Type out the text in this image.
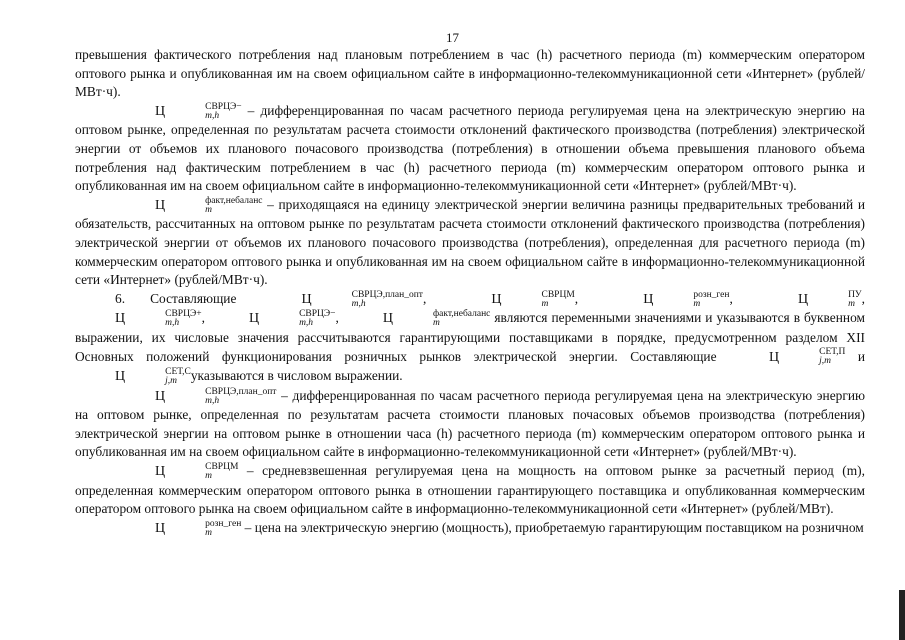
17

превышения фактического потребления над плановым потреблением в час (h) расчетного периода (m) коммерческим оператором оптового рынка и опубликованная им на своем официальном сайте в информационно-телекоммуникационной сети «Интернет» (рублей/МВт·ч).

Ц	СВРЦЭ−
m,h	– дифференцированная по часам расчетного периода регулируемая цена на электрическую энергию на оптовом рынке, определенная по результатам расчета стоимости отклонений фактического производства (потребления) электрической энергии от объемов их планового почасового производства (потребления) в отношении объема превышения планового объема потребления над фактическим потреблением в час (h) расчетного периода (m) коммерческим оператором оптового рынка и опубликованная им на своем официальном сайте в информационно-телекоммуникационной сети «Интернет» (рублей/МВт·ч).

Ц	факт,небаланс
m	– приходящаяся на единицу электрической энергии величина разницы предварительных требований и обязательств, рассчитанных на оптовом рынке по результатам расчета стоимости отклонений фактического производства (потребления) электрической энергии от объемов их планового почасового производства (потребления), определенная для расчетного периода (m) коммерческим оператором оптового рынка и опубликованная им на своем официальном сайте в информационно-телекоммуникационной сети «Интернет» (рублей/МВт·ч).

6. Составляющие	Ц	СВРЦЭ,план_опт
m,h	,	Ц	СВРЦМ
m	,	Ц	розн_ген
m	,	Ц	ПУ
m , Ц	СВРЦЭ+
m,h	,	Ц	СВРЦЭ−
m,h	,	Ц	факт,небаланс
m	являются переменными значениями и указываются в буквенном выражении, их числовые значения рассчитываются гарантирующими поставщиками в порядке, предусмотренном разделом XII Основных положений функционирования розничных рынков электрической энергии. Составляющие	Ц	СЕТ,П
j,m	и Ц	СЕТ,С
j,m	указываются в числовом выражении.

Ц	СВРЦЭ,план_опт
m,h	– дифференцированная по часам расчетного периода регулируемая цена на электрическую энергию на оптовом рынке, определенная по результатам расчета стоимости плановых почасовых объемов производства (потребления) электрической энергии на оптовом рынке в отношении часа (h) расчетного периода (m) коммерческим оператором оптового рынка и опубликованная им на своем официальном сайте в информационно-телекоммуникационной сети «Интернет» (рублей/МВт·ч).

Ц	СВРЦМ
m	– средневзвешенная регулируемая цена на мощность на оптовом рынке за расчетный период (m), определенная коммерческим оператором оптового рынка в отношении гарантирующего поставщика и опубликованная коммерческим оператором оптового рынка на своем официальном сайте в информационно-телекоммуникационной сети «Интернет» (рублей/МВт).

Ц	розн_ген
m	– цена на электрическую энергию (мощность), приобретаемую гарантирующим поставщиком на розничном
